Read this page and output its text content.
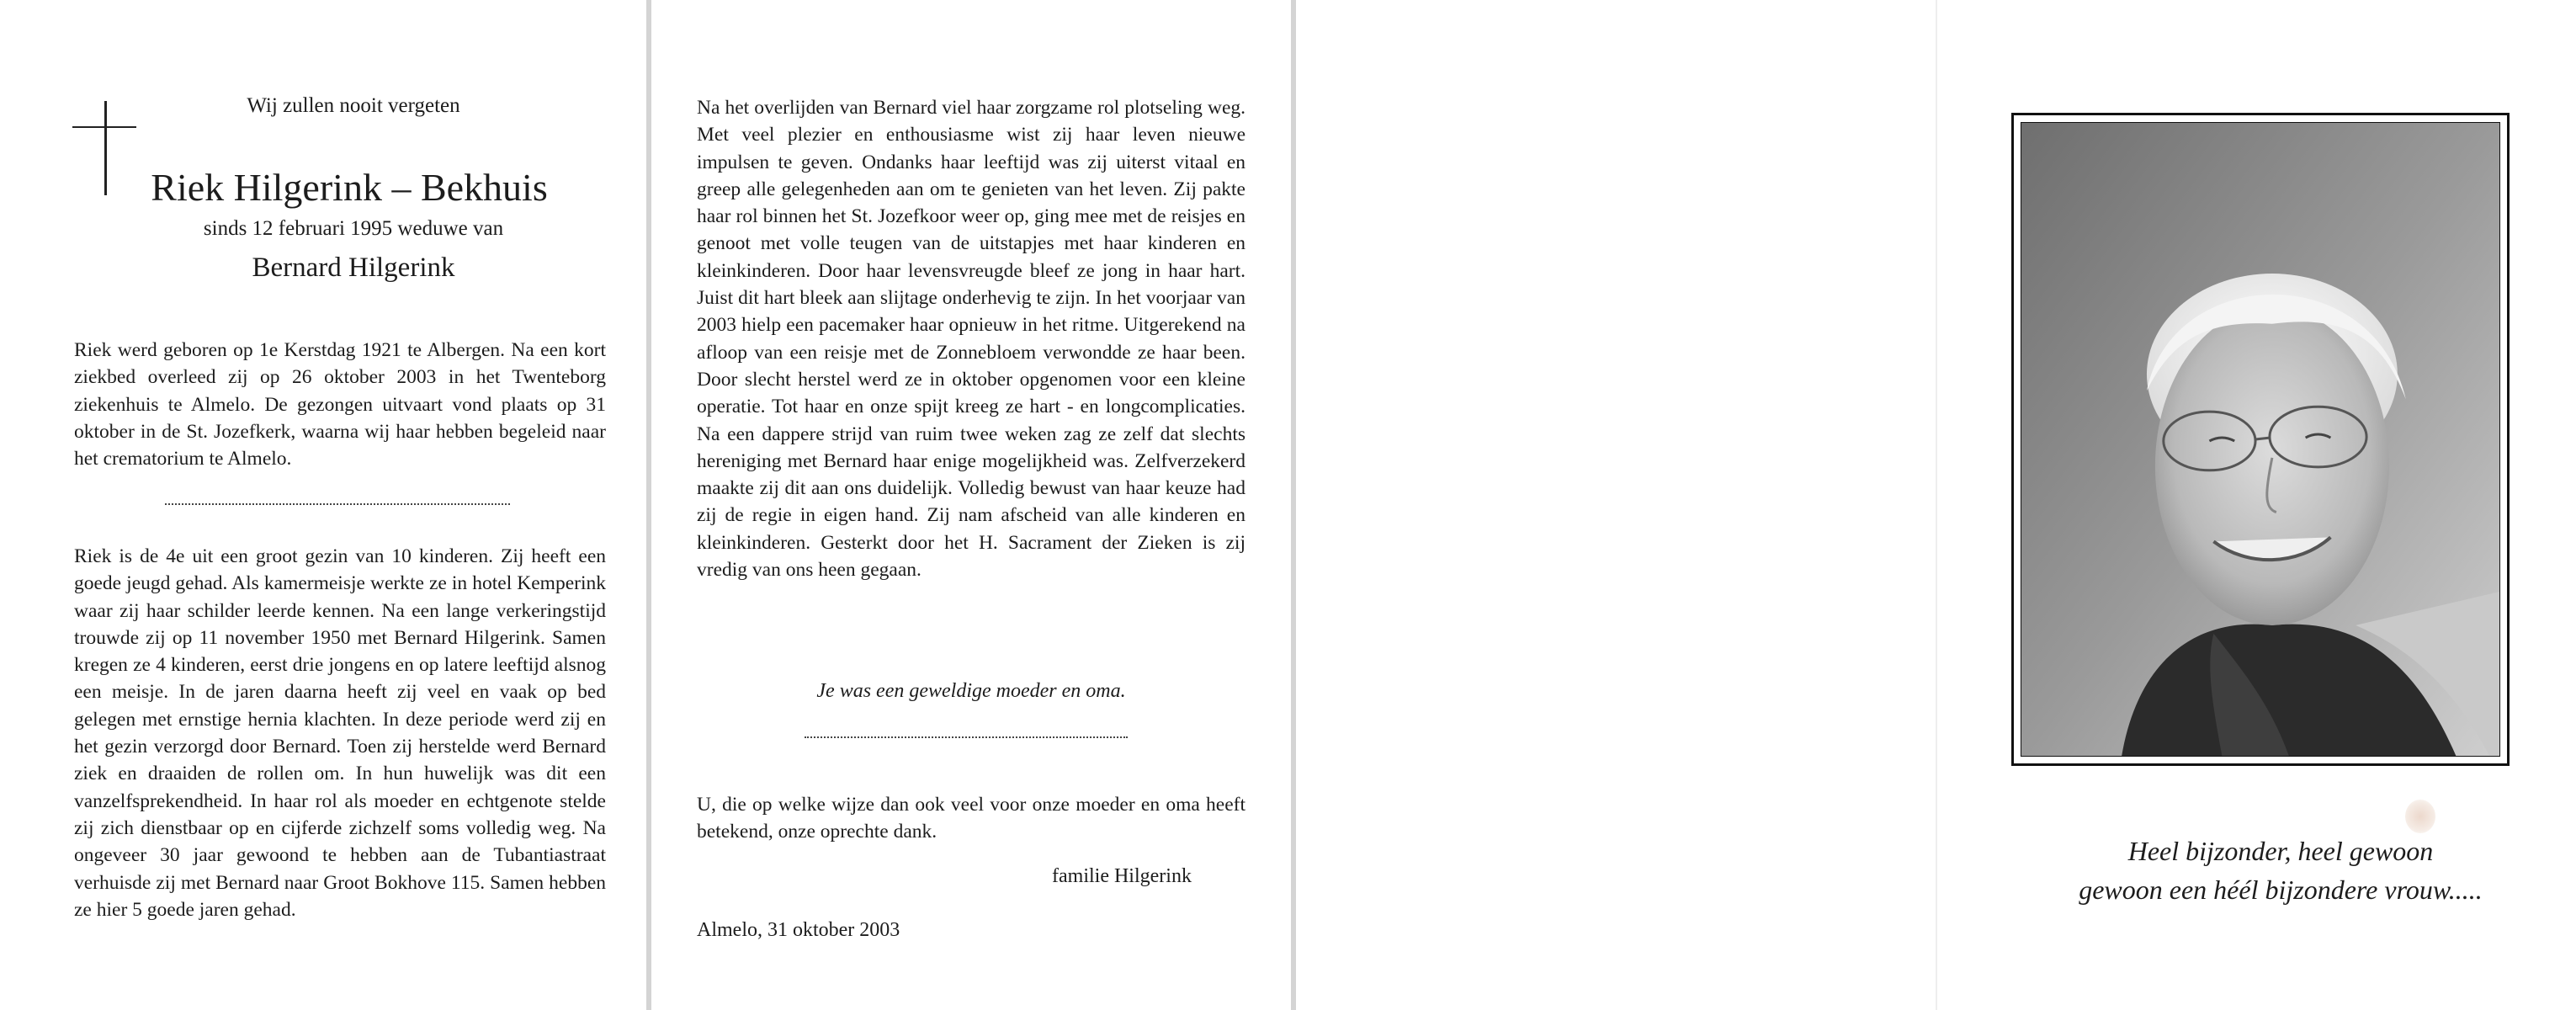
Wij zullen nooit vergeten
Riek Hilgerink – Bekhuis
sinds 12 februari 1995 weduwe van
Bernard Hilgerink

Riek werd geboren op 1e Kerstdag 1921 te Albergen. Na een kort ziekbed overleed zij op 26 oktober 2003 in het Twenteborg ziekenhuis te Almelo. De gezongen uitvaart vond plaats op 31 oktober in de St. Jozefkerk, waarna wij haar hebben begeleid naar het crematorium te Almelo.

Riek is de 4e uit een groot gezin van 10 kinderen. Zij heeft een goede jeugd gehad. Als kamermeisje werkte ze in hotel Kemperink waar zij haar schilder leerde kennen. Na een lange verkeringstijd trouwde zij op 11 november 1950 met Bernard Hilgerink. Samen kregen ze 4 kinderen, eerst drie jongens en op latere leeftijd alsnog een meisje. In de jaren daarna heeft zij veel en vaak op bed gelegen met ernstige hernia klachten. In deze periode werd zij en het gezin verzorgd door Bernard. Toen zij herstelde werd Bernard ziek en draaiden de rollen om. In hun huwelijk was dit een vanzelfsprekendheid. In haar rol als moeder en echtgenote stelde zij zich dienstbaar op en cijferde zichzelf soms volledig weg. Na ongeveer 30 jaar gewoond te hebben aan de Tubantiastraat verhuisde zij met Bernard naar Groot Bokhove 115. Samen hebben ze hier 5 goede jaren gehad.

Na het overlijden van Bernard viel haar zorgzame rol plotseling weg. Met veel plezier en enthousiasme wist zij haar leven nieuwe impulsen te geven. Ondanks haar leeftijd was zij uiterst vitaal en greep alle gelegenheden aan om te genieten van het leven. Zij pakte haar rol binnen het St. Jozefkoor weer op, ging mee met de reisjes en genoot met volle teugen van de uitstapjes met haar kinderen en kleinkinderen. Door haar levensvreugde bleef ze jong in haar hart. Juist dit hart bleek aan slijtage onderhevig te zijn. In het voorjaar van 2003 hielp een pacemaker haar opnieuw in het ritme. Uitgerekend na afloop van een reisje met de Zonnebloem verwondde ze haar been. Door slecht herstel werd ze in oktober opgenomen voor een kleine operatie. Tot haar en onze spijt kreeg ze hart - en longcomplicaties. Na een dappere strijd van ruim twee weken zag ze zelf dat slechts hereniging met Bernard haar enige mogelijkheid was. Zelfverzekerd maakte zij dit aan ons duidelijk. Volledig bewust van haar keuze had zij de regie in eigen hand. Zij nam afscheid van alle kinderen en kleinkinderen. Gesterkt door het H. Sacrament der Zieken is zij vredig van ons heen gegaan.

Je was een geweldige moeder en oma.

U, die op welke wijze dan ook veel voor onze moeder en oma heeft betekend, onze oprechte dank.

familie Hilgerink
Almelo, 31 oktober 2003
Heel bijzonder, heel gewoon
gewoon een héél bijzondere vrouw.....
